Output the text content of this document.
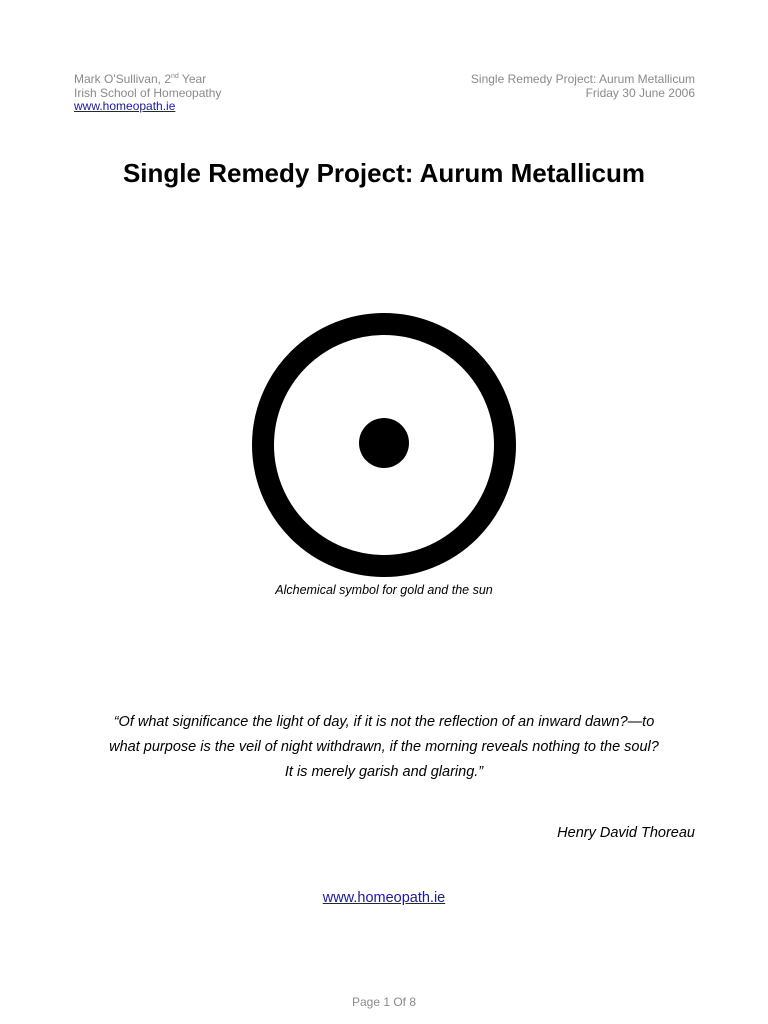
Mark O'Sullivan, 2nd Year
Irish School of Homeopathy
www.homeopath.ie
Single Remedy Project: Aurum Metallicum
Friday 30 June 2006
Single Remedy Project: Aurum Metallicum
Alchemical symbol for gold and the sun
“Of what significance the light of day, if it is not the reflection of an inward dawn?—to
what purpose is the veil of night withdrawn, if the morning reveals nothing to the soul?
It is merely garish and glaring.”
Henry David Thoreau
www.homeopath.ie
Page 1 Of 8
